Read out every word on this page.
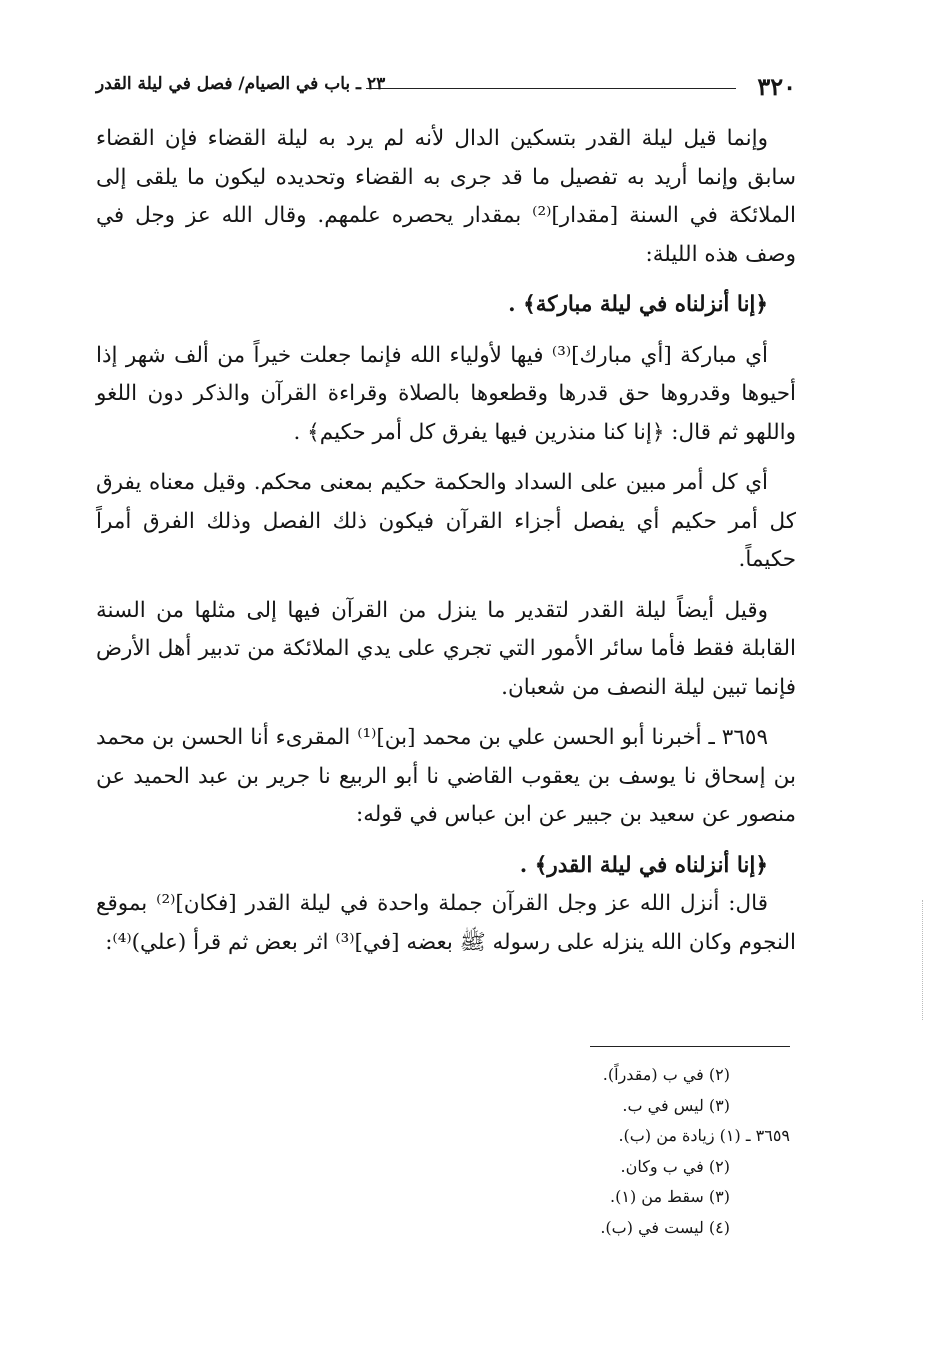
٣٢٠
٢٣ ـ باب في الصيام/ فصل في ليلة القدر

وإنما قيل ليلة القدر بتسكين الدال لأنه لم يرد به ليلة القضاء فإن القضاء سابق وإنما أريد به تفصيل ما قد جرى به القضاء وتحديده ليكون ما يلقى إلى الملائكة في السنة [مقدار]⁽²⁾ بمقدار يحصره علمهم. وقال الله عز وجل في وصف هذه الليلة:

﴿إنا أنزلناه في ليلة مباركة﴾ .

أي مباركة [أي مبارك]⁽³⁾ فيها لأولياء الله فإنما جعلت خيراً من ألف شهر إذا أحيوها وقدروها حق قدرها وقطعوها بالصلاة وقراءة القرآن والذكر دون اللغو واللهو ثم قال: ﴿إنا كنا منذرين فيها يفرق كل أمر حكيم﴾ .

أي كل أمر مبين على السداد والحكمة حكيم بمعنى محكم. وقيل معناه يفرق كل أمر حكيم أي يفصل أجزاء القرآن فيكون ذلك الفصل وذلك الفرق أمراً حكيماً.

وقيل أيضاً ليلة القدر لتقدير ما ينزل من القرآن فيها إلى مثلها من السنة القابلة فقط فأما سائر الأمور التي تجري على يدي الملائكة من تدبير أهل الأرض فإنما تبين ليلة النصف من شعبان.

٣٦٥٩ ـ أخبرنا أبو الحسن علي بن محمد [بن]⁽¹⁾ المقرىء أنا الحسن بن محمد بن إسحاق نا يوسف بن يعقوب القاضي نا أبو الربيع نا جرير بن عبد الحميد عن منصور عن سعيد بن جبير عن ابن عباس في قوله:

﴿إنا أنزلناه في ليلة القدر﴾ .

قال: أنزل الله عز وجل القرآن جملة واحدة في ليلة القدر [فكان]⁽²⁾ بموقع النجوم وكان الله ينزله على رسوله ﷺ بعضه [في]⁽³⁾ اثر بعض ثم قرأ (علي)⁽⁴⁾:

(٢) في ب (مقدراً).
(٣) ليس في ب.
٣٦٥٩ ـ (١) زيادة من (ب).
(٢) في ب وكان.
(٣) سقط من (١).
(٤) ليست في (ب).
